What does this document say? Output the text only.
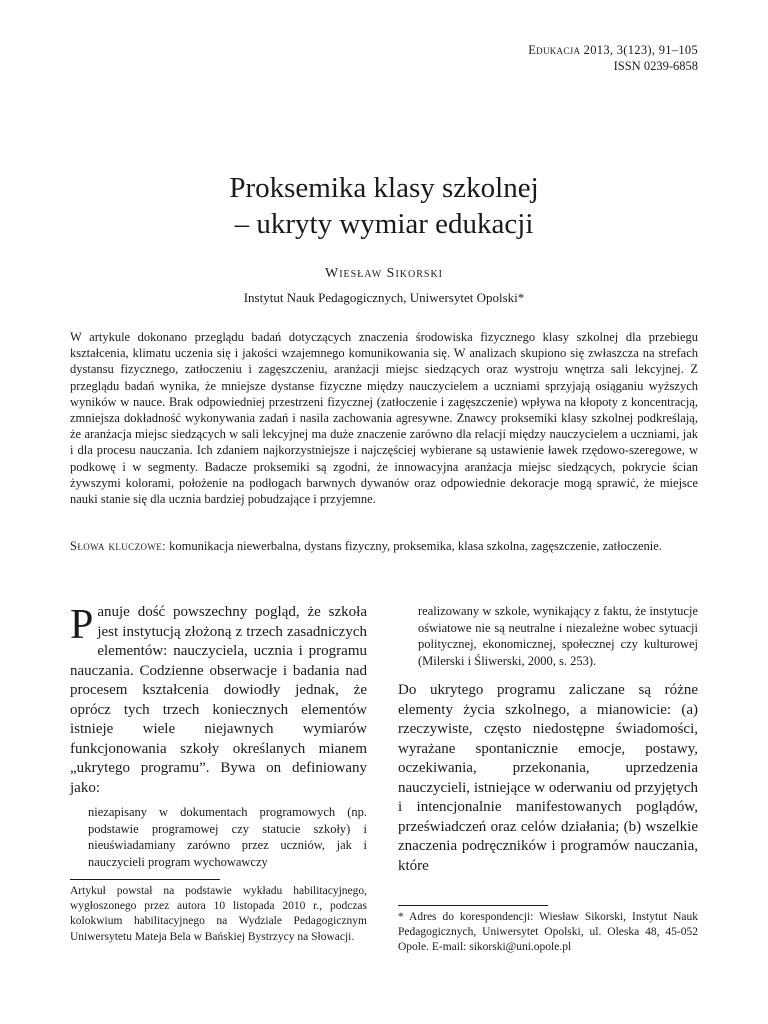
Edukacja 2013, 3(123), 91–105
ISSN 0239-6858
Proksemika klasy szkolnej
– ukryty wymiar edukacji
Wiesław Sikorski
Instytut Nauk Pedagogicznych, Uniwersytet Opolski*

W artykule dokonano przeglądu badań dotyczących znaczenia środowiska fizycznego klasy szkolnej dla przebiegu kształcenia, klimatu uczenia się i jakości wzajemnego komunikowania się. W analizach skupiono się zwłaszcza na strefach dystansu fizycznego, zatłoczeniu i zagęszczeniu, aranżacji miejsc siedzących oraz wystroju wnętrza sali lekcyjnej. Z przeglądu badań wynika, że mniejsze dystanse fizyczne między nauczycielem a uczniami sprzyjają osiąganiu wyższych wyników w nauce. Brak odpowiedniej przestrzeni fizycznej (zatłoczenie i zagęszczenie) wpływa na kłopoty z koncentracją, zmniejsza dokładność wykonywania zadań i nasila zachowania agresywne. Znawcy proksemiki klasy szkolnej podkreślają, że aranżacja miejsc siedzących w sali lekcyjnej ma duże znaczenie zarówno dla relacji między nauczycielem a uczniami, jak i dla procesu nauczania. Ich zdaniem najkorzystniejsze i najczęściej wybierane są ustawienie ławek rzędowo-szeregowe, w podkowę i w segmenty. Badacze proksemiki są zgodni, że innowacyjna aranżacja miejsc siedzących, pokrycie ścian żywszymi kolorami, położenie na podłogach barwnych dywanów oraz odpowiednie dekoracje mogą sprawić, że miejsce nauki stanie się dla ucznia bardziej pobudzające i przyjemne.

Słowa kluczowe: komunikacja niewerbalna, dystans fizyczny, proksemika, klasa szkolna, zagęszczenie, zatłoczenie.

Panuje dość powszechny pogląd, że szkoła jest instytucją złożoną z trzech zasadniczych elementów: nauczyciela, ucznia i programu nauczania. Codzienne obserwacje i badania nad procesem kształcenia dowiodły jednak, że oprócz tych trzech koniecznych elementów istnieje wiele niejawnych wymiarów funkcjonowania szkoły określanych mianem „ukrytego programu”. Bywa on definiowany jako:

niezapisany w dokumentach programowych (np. podstawie programowej czy statucie szkoły) i nieuświadamiany zarówno przez uczniów, jak i nauczycieli program wychowawczy

Artykuł powstał na podstawie wykładu habilitacyjnego, wygłoszonego przez autora 10 listopada 2010 r., podczas kolokwium habilitacyjnego na Wydziale Pedagogicznym Uniwersytetu Mateja Bela w Bańskiej Bystrzycy na Słowacji.

realizowany w szkole, wynikający z faktu, że instytucje oświatowe nie są neutralne i niezależne wobec sytuacji politycznej, ekonomicznej, społecznej czy kulturowej (Milerski i Śliwerski, 2000, s. 253).

Do ukrytego programu zaliczane są różne elementy życia szkolnego, a mianowicie: (a) rzeczywiste, często niedostępne świadomości, wyrażane spontanicznie emocje, postawy, oczekiwania, przekonania, uprzedzenia nauczycieli, istniejące w oderwaniu od przyjętych i intencjonalnie manifestowanych poglądów, przeświadczeń oraz celów działania; (b) wszelkie znaczenia podręczników i programów nauczania, które

* Adres do korespondencji: Wiesław Sikorski, Instytut Nauk Pedagogicznych, Uniwersytet Opolski, ul. Oleska 48, 45-052 Opole. E-mail: sikorski@uni.opole.pl
